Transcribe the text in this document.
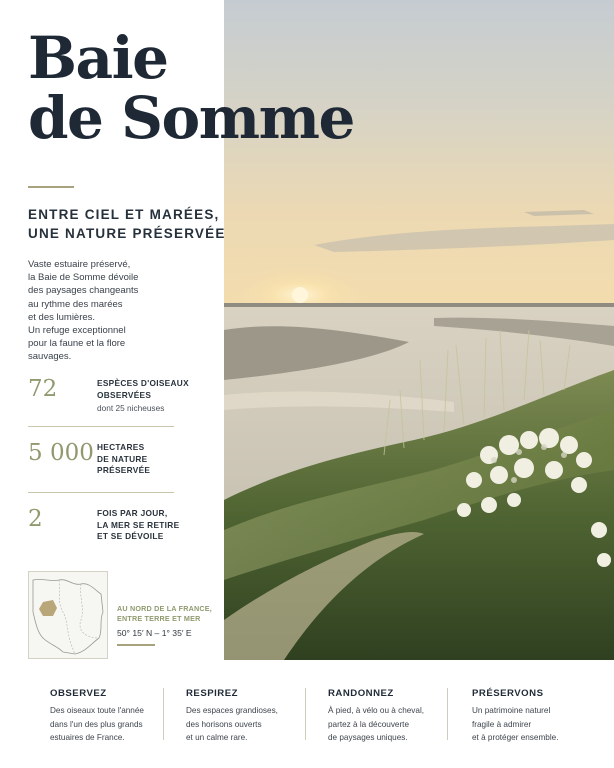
Baie
de Somme
ENTRE CIEL ET MARÉES,
UNE NATURE PRÉSERVÉE

Vaste estuaire préservé,
la Baie de Somme dévoile
des paysages changeants
au rythme des marées
et des lumières.
Un refuge exceptionnel
pour la faune et la flore
sauvages.

72	ESPÈCES D'OISEAUX
OBSERVÉES
dont 25 nicheuses
5 000 HECTARES
DE NATURE
PRÉSERVÉE
2	FOIS PAR JOUR,
LA MER SE RETIRE
ET SE DÉVOILE
AU NORD DE LA FRANCE,
ENTRE TERRE ET MER
50° 15′ N – 1° 35′ E
OBSERVEZ
Des oiseaux toute l'année
dans l'un des plus grands
estuaires de France.
RESPIREZ
Des espaces grandioses,
des horisons ouverts
et un calme rare.
RANDONNEZ
À pied, à vélo ou à cheval,
partez à la découverte
de paysages uniques.
PRÉSERVONS
Un patrimoine naturel
fragile à admirer
et à protéger ensemble.
